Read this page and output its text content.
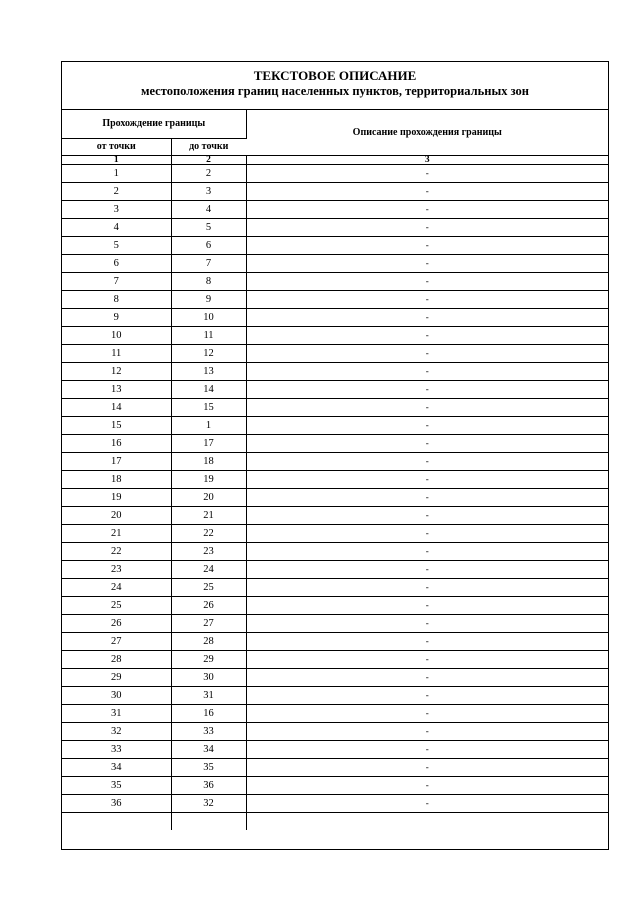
ТЕКСТОВОЕ ОПИСАНИЕ
местоположения границ населенных пунктов, территориальных зон
Прохождение границы		Описание прохождения границы
от точки	до точки	
1	2	3
1	2	-
2	3	-
3	4	-
4	5	-
5	6	-
6	7	-
7	8	-
8	9	-
9	10	-
10	11	-
11	12	-
12	13	-
13	14	-
14	15	-
15	1	-
16	17	-
17	18	-
18	19	-
19	20	-
20	21	-
21	22	-
22	23	-
23	24	-
24	25	-
25	26	-
26	27	-
27	28	-
28	29	-
29	30	-
30	31	-
31	16	-
32	33	-
33	34	-
34	35	-
35	36	-
36	32	-
